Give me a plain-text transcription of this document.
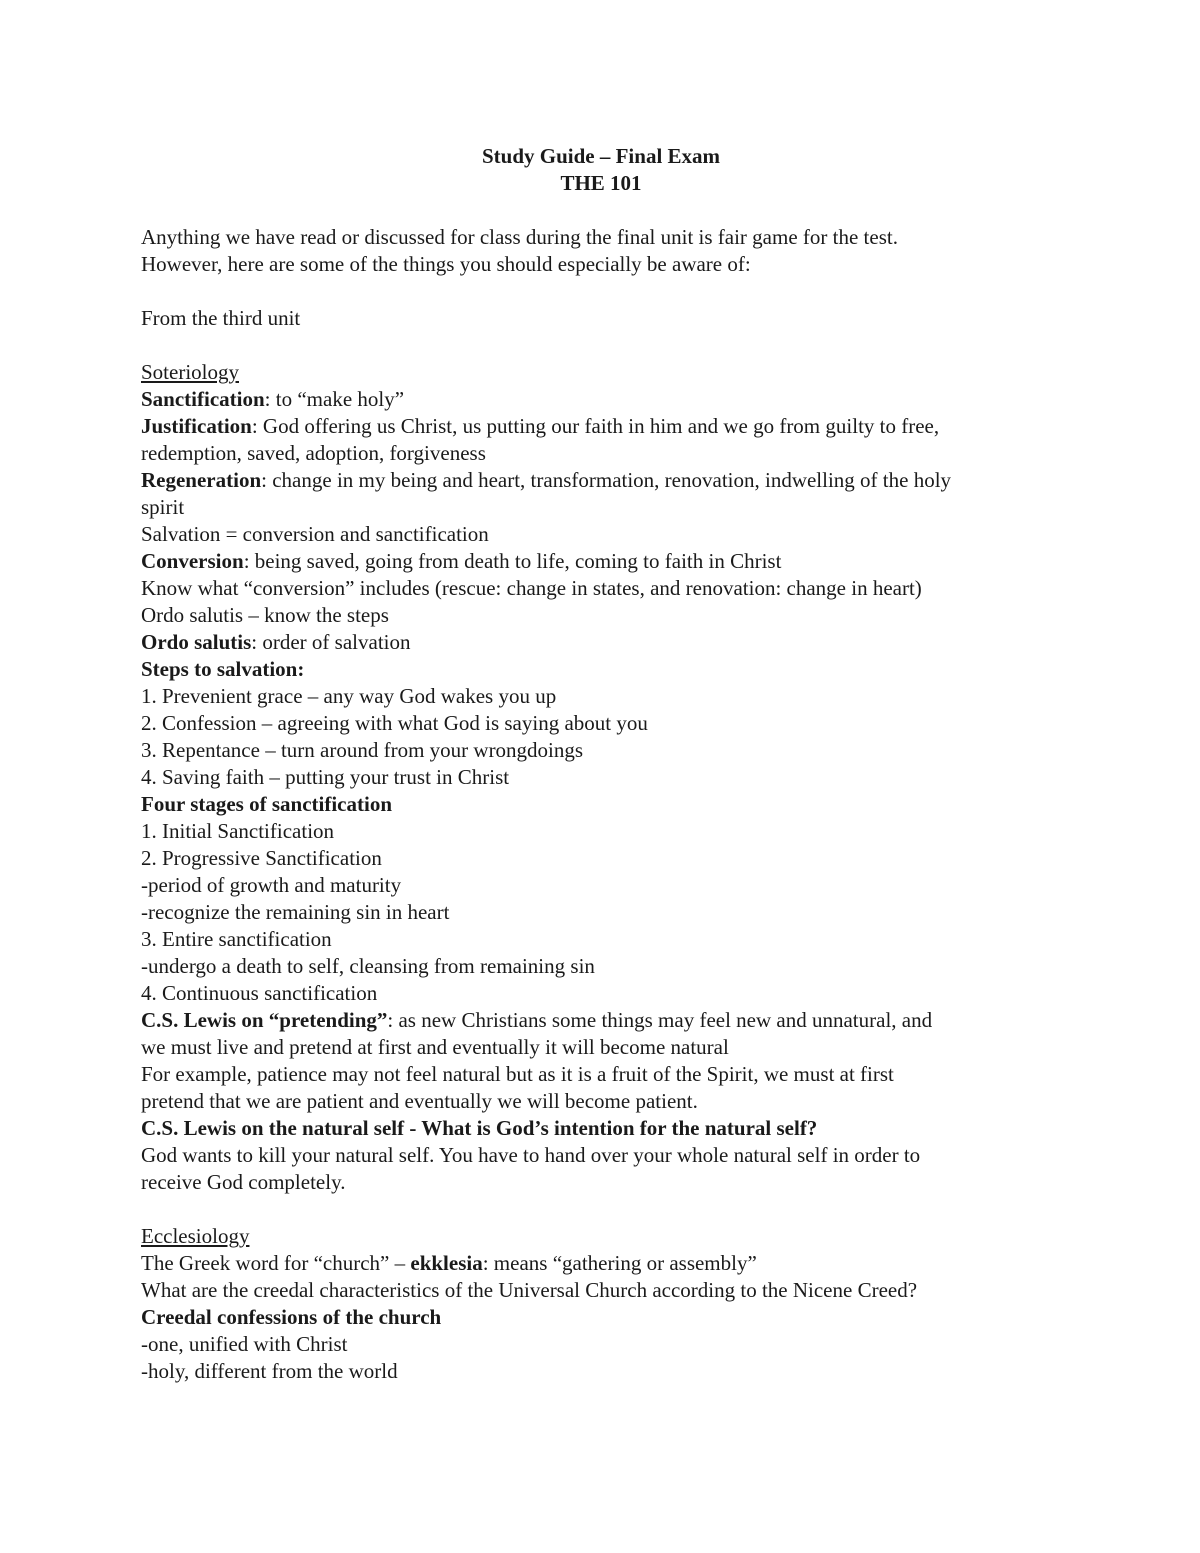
Study Guide – Final Exam
THE 101
Anything we have read or discussed for class during the final unit is fair game for the test.
However, here are some of the things you should especially be aware of:
From the third unit
Soteriology
Sanctification: to “make holy”
Justification: God offering us Christ, us putting our faith in him and we go from guilty to free,
redemption, saved, adoption, forgiveness
Regeneration: change in my being and heart, transformation, renovation, indwelling of the holy
spirit
Salvation = conversion and sanctification
Conversion: being saved, going from death to life, coming to faith in Christ
Know what “conversion” includes (rescue: change in states, and renovation: change in heart)
Ordo salutis – know the steps
Ordo salutis: order of salvation
Steps to salvation:
1. Prevenient grace – any way God wakes you up
2. Confession – agreeing with what God is saying about you
3. Repentance – turn around from your wrongdoings
4. Saving faith – putting your trust in Christ
Four stages of sanctification
1. Initial Sanctification
2. Progressive Sanctification
-period of growth and maturity
-recognize the remaining sin in heart
3. Entire sanctification
-undergo a death to self, cleansing from remaining sin
4. Continuous sanctification
C.S. Lewis on “pretending”: as new Christians some things may feel new and unnatural, and
we must live and pretend at first and eventually it will become natural
For example, patience may not feel natural but as it is a fruit of the Spirit, we must at first
pretend that we are patient and eventually we will become patient.
C.S. Lewis on the natural self - What is God’s intention for the natural self?
God wants to kill your natural self. You have to hand over your whole natural self in order to
receive God completely.
Ecclesiology
The Greek word for “church” – ekklesia: means “gathering or assembly”
What are the creedal characteristics of the Universal Church according to the Nicene Creed?
Creedal confessions of the church
-one, unified with Christ
-holy, different from the world
